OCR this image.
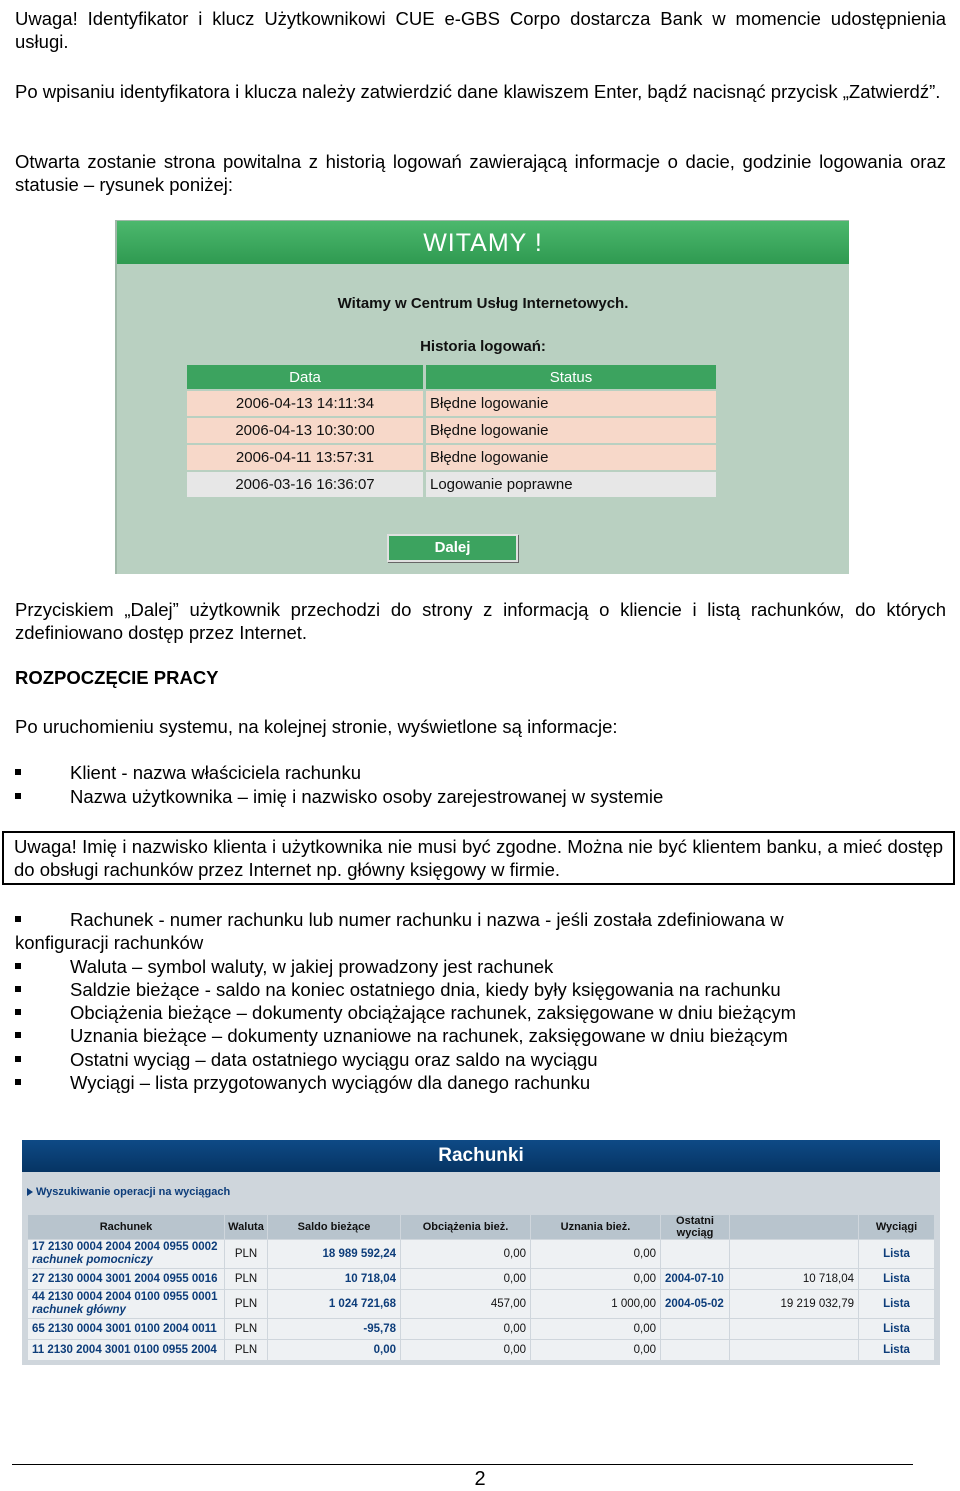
Uwaga! Identyfikator i klucz Użytkownikowi CUE e-GBS Corpo dostarcza Bank w momencie udostępnienia usługi.
Po wpisaniu identyfikatora i klucza należy zatwierdzić dane klawiszem Enter, bądź nacisnąć przycisk „Zatwierdź”.
Otwarta zostanie strona powitalna z historią logowań zawierającą informacje o dacie, godzinie logowania oraz statusie – rysunek poniżej:
WITAMY !
Witamy w Centrum Usług Internetowych.
Historia logowań:
Data	Status
2006-04-13 14:11:34	Błędne logowanie
2006-04-13 10:30:00	Błędne logowanie
2006-04-11 13:57:31	Błędne logowanie
2006-03-16 16:36:07	Logowanie poprawne
Dalej
Przyciskiem „Dalej” użytkownik przechodzi do strony z informacją o kliencie i listą rachunków, do których zdefiniowano dostęp przez Internet.
ROZPOCZĘCIE PRACY
Po uruchomieniu systemu, na kolejnej stronie, wyświetlone są informacje:
Klient - nazwa właściciela rachunku
Nazwa użytkownika – imię i nazwisko osoby zarejestrowanej w systemie
Uwaga! Imię i nazwisko klienta i użytkownika nie musi być zgodne. Można nie być klientem banku, a mieć dostęp do obsługi rachunków przez Internet np. główny księgowy w firmie.
Rachunek - numer rachunku lub numer rachunku i nazwa - jeśli została zdefiniowana w
konfiguracji rachunków
Waluta – symbol waluty, w jakiej prowadzony jest rachunek
Saldzie bieżące - saldo na koniec ostatniego dnia, kiedy były księgowania na rachunku
Obciążenia bieżące – dokumenty obciążające rachunek, zaksięgowane w dniu bieżącym
Uznania bieżące – dokumenty uznaniowe na rachunek, zaksięgowane w dniu bieżącym
Ostatni wyciąg – data ostatniego wyciągu oraz saldo na wyciągu
Wyciągi – lista przygotowanych wyciągów dla danego rachunku
Rachunki
Wyszukiwanie operacji na wyciągach
Rachunek	Waluta	Saldo bieżące	Obciążenia bież.	Uznania bież.	Ostatni wyciąg		Wyciągi
17 2130 0004 2004 2004 0955 0002
rachunek pomocniczy	PLN	18 989 592,24	0,00	0,00			Lista
27 2130 0004 3001 2004 0955 0016	PLN	10 718,04	0,00	0,00	2004-07-10	10 718,04	Lista
44 2130 0004 2004 0100 0955 0001
rachunek główny	PLN	1 024 721,68	457,00	1 000,00	2004-05-02	19 219 032,79	Lista
65 2130 0004 3001 0100 2004 0011	PLN	-95,78	0,00	0,00			Lista
11 2130 2004 3001 0100 0955 2004	PLN	0,00	0,00	0,00			Lista
2
